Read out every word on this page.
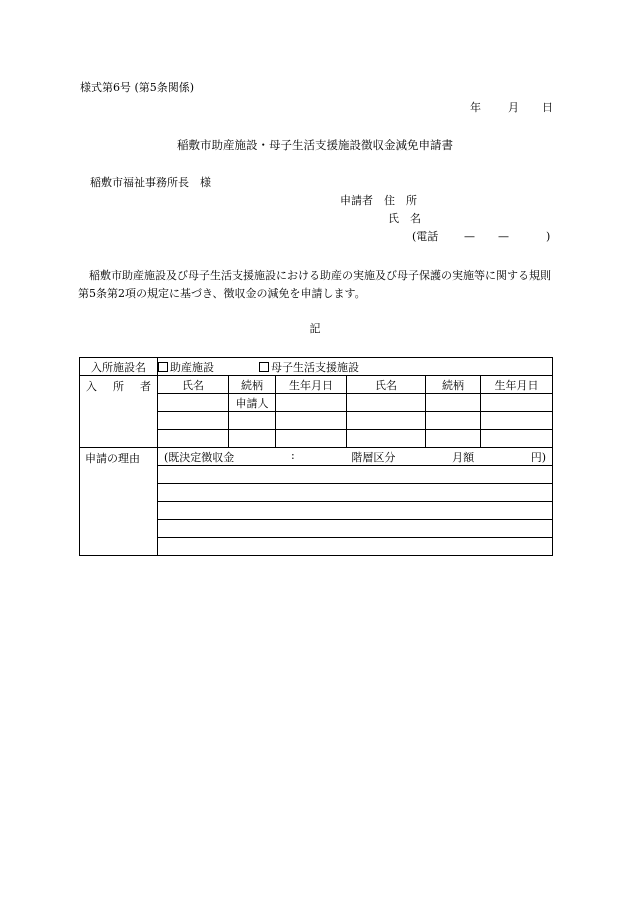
様式第6号 (第5条関係)
年 月 日
稲敷市助産施設・母子生活支援施設徴収金減免申請書
稲敷市福祉事務所長　様
申請者　住　所
氏　名
(電話 — —	)
稲敷市助産施設及び母子生活支援施設における助産の実施及び母子保護の実施等に関する規則第5条第2項の規定に基づき、徴収金の減免を申請します。
記
入所施設名	助産施設 母子生活支援施設					

入 所 者	氏名	続柄	生年月日	氏名	続柄	生年月日
		申請人				

申請の理由	(既決定徴収金 : 階層区分 月額 円)					
